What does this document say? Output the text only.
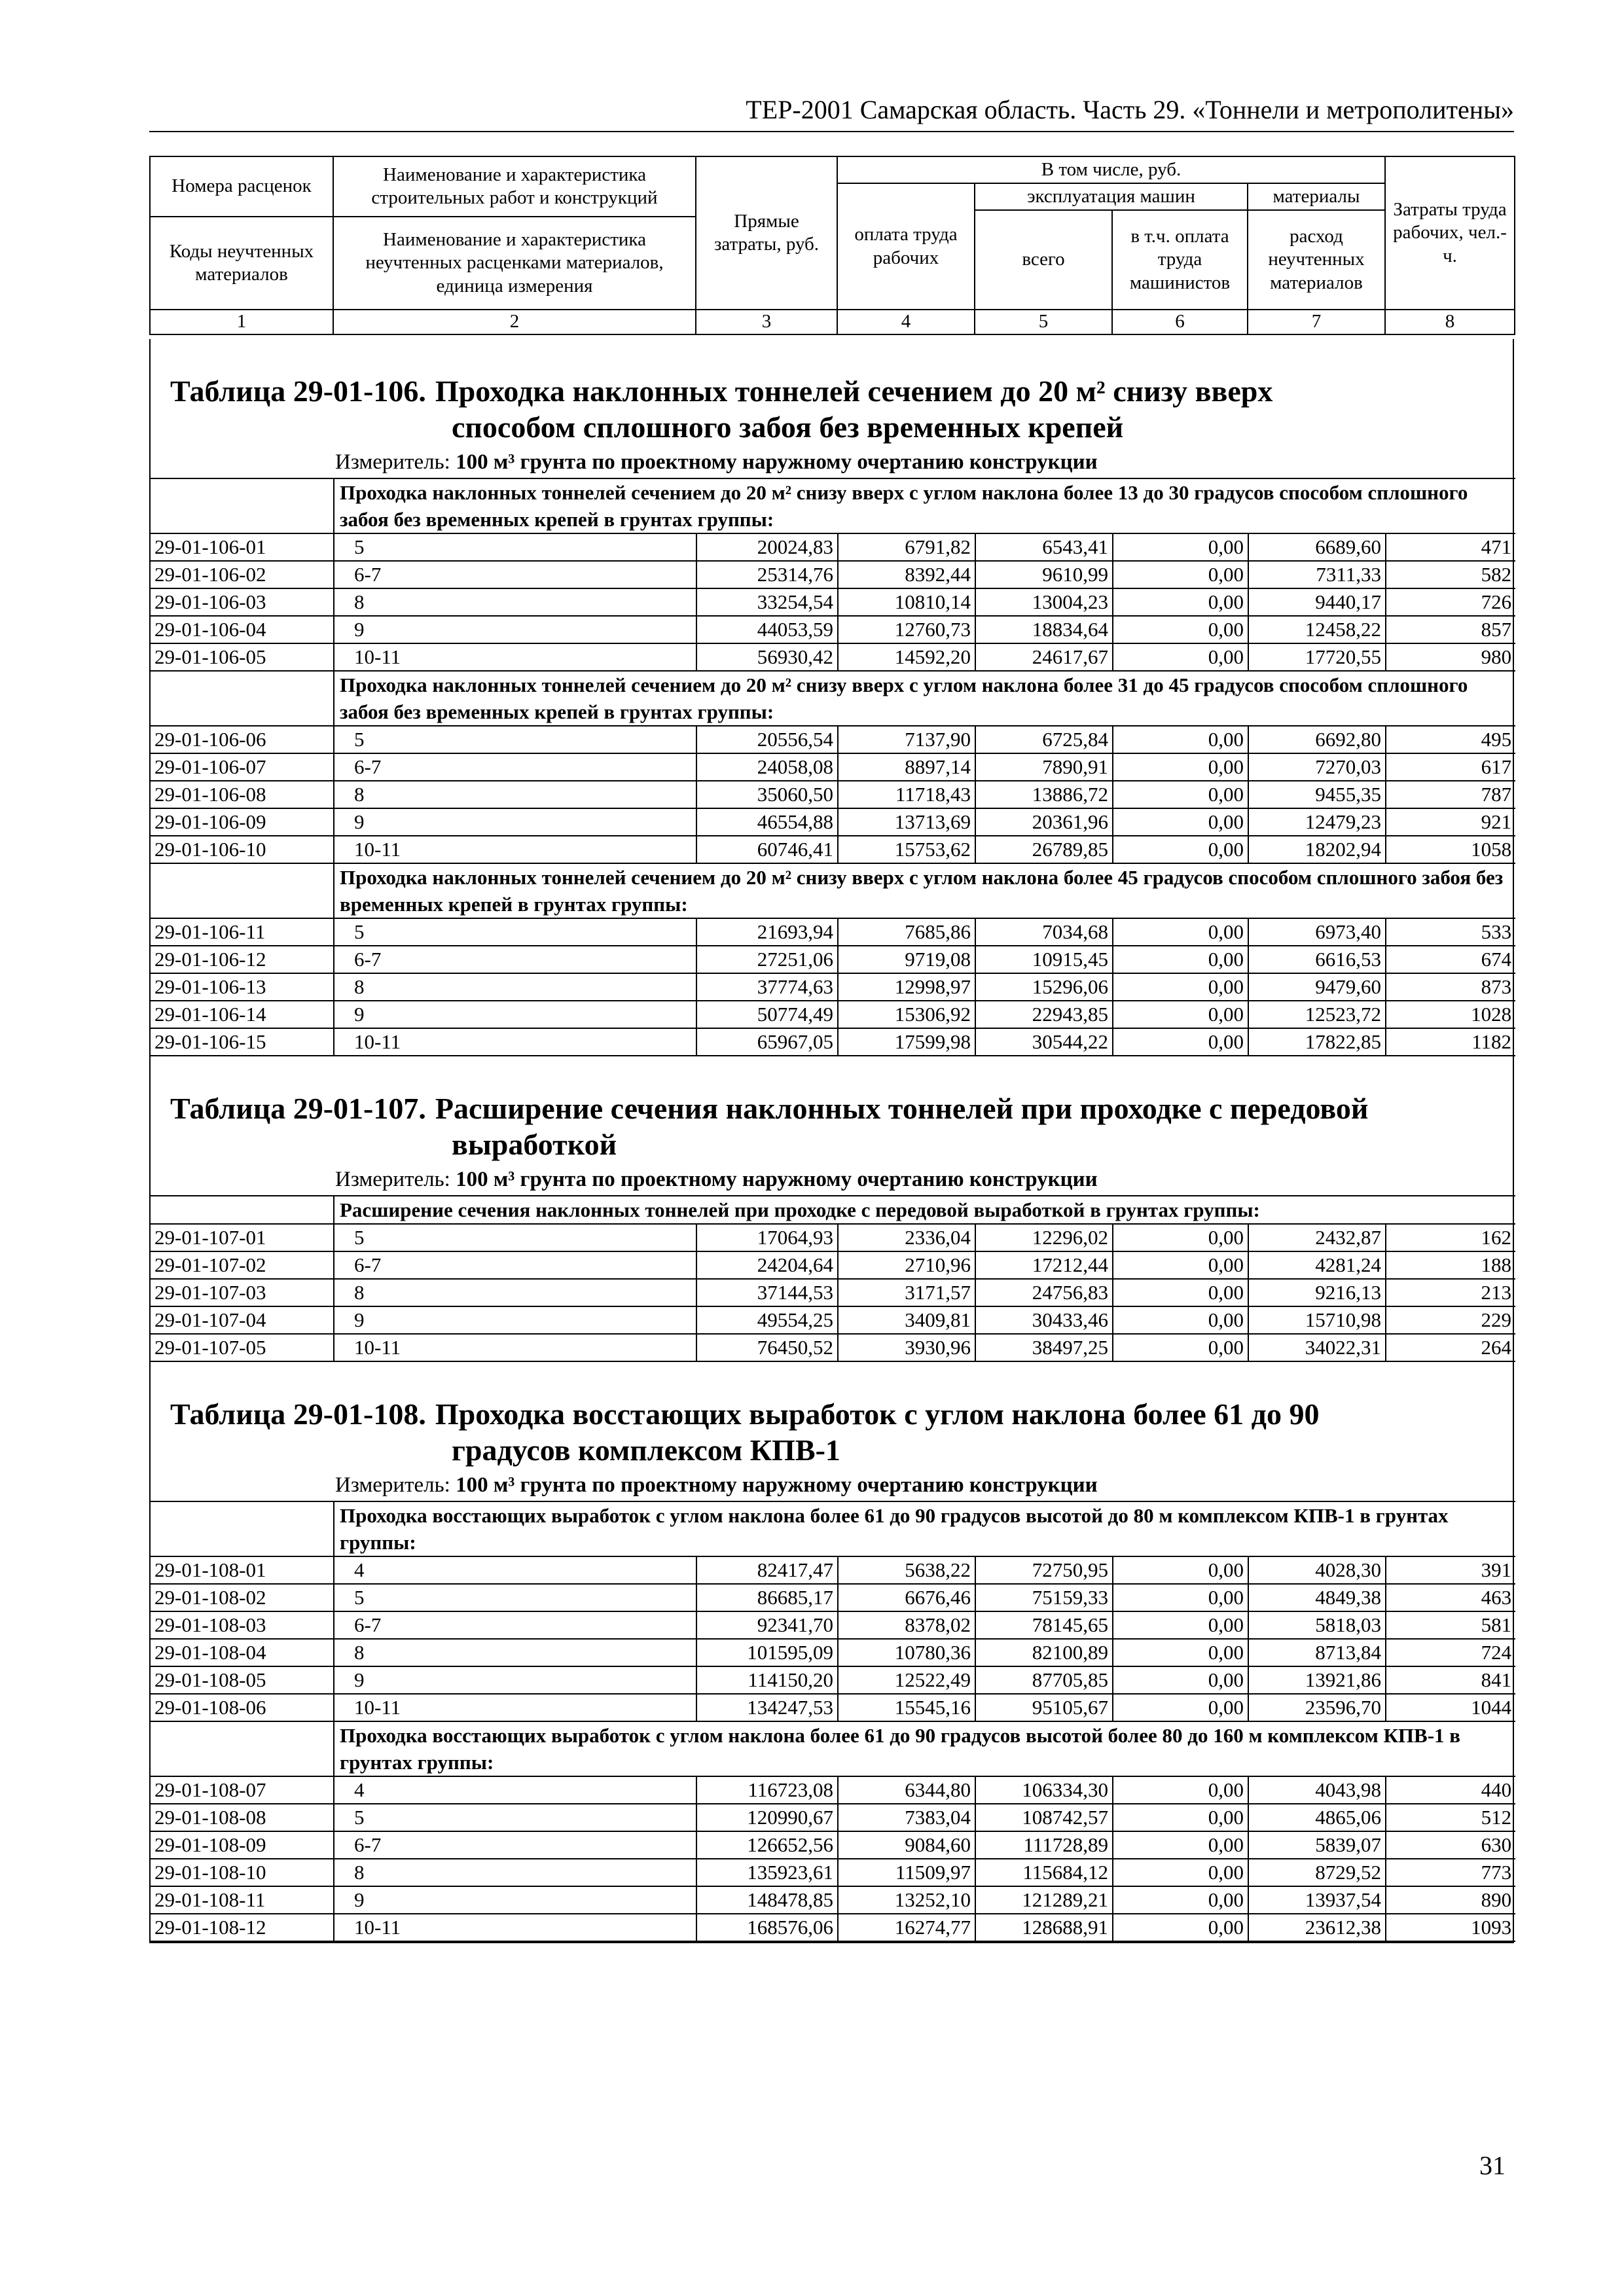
ТЕР-2001 Самарская область. Часть 29. «Тоннели и метрополитены»
Номера расценок	Наименование и характеристика строительных работ и конструкций	Прямые затраты, руб.	В том числе, руб.				Затраты труда рабочих, чел.-ч.
			оплата труда рабочих	эксплуатация машин		материалы	
				всего	в т.ч. оплата труда машинистов	расход неучтенных материалов	
Коды неучтенных материалов	Наименование и характеристика неучтенных расценками материалов, единица измерения						

1	2	3	4	5	6	7	8
Таблица 29-01-106. Проходка наклонных тоннелей сечением до 20 м² снизу вверх
способом сплошного забоя без временных крепей
Измеритель: 100 м³ грунта по проектному наружному очертанию конструкции
	Проходка наклонных тоннелей сечением до 20 м² снизу вверх с углом наклона более 13 до 30 градусов способом сплошного забоя без временных крепей в грунтах группы:						
29-01-106-01	5	20024,83	6791,82	6543,41	0,00	6689,60	471
29-01-106-02	6-7	25314,76	8392,44	9610,99	0,00	7311,33	582
29-01-106-03	8	33254,54	10810,14	13004,23	0,00	9440,17	726
29-01-106-04	9	44053,59	12760,73	18834,64	0,00	12458,22	857
29-01-106-05	10-11	56930,42	14592,20	24617,67	0,00	17720,55	980
	Проходка наклонных тоннелей сечением до 20 м² снизу вверх с углом наклона более 31 до 45 градусов способом сплошного забоя без временных крепей в грунтах группы:						
29-01-106-06	5	20556,54	7137,90	6725,84	0,00	6692,80	495
29-01-106-07	6-7	24058,08	8897,14	7890,91	0,00	7270,03	617
29-01-106-08	8	35060,50	11718,43	13886,72	0,00	9455,35	787
29-01-106-09	9	46554,88	13713,69	20361,96	0,00	12479,23	921
29-01-106-10	10-11	60746,41	15753,62	26789,85	0,00	18202,94	1058
	Проходка наклонных тоннелей сечением до 20 м² снизу вверх с углом наклона более 45 градусов способом сплошного забоя без временных крепей в грунтах группы:						
29-01-106-11	5	21693,94	7685,86	7034,68	0,00	6973,40	533
29-01-106-12	6-7	27251,06	9719,08	10915,45	0,00	6616,53	674
29-01-106-13	8	37774,63	12998,97	15296,06	0,00	9479,60	873
29-01-106-14	9	50774,49	15306,92	22943,85	0,00	12523,72	1028
29-01-106-15	10-11	65967,05	17599,98	30544,22	0,00	17822,85	1182
Таблица 29-01-107. Расширение сечения наклонных тоннелей при проходке с передовой
выработкой
Измеритель: 100 м³ грунта по проектному наружному очертанию конструкции
	Расширение сечения наклонных тоннелей при проходке с передовой выработкой в грунтах группы:						
29-01-107-01	5	17064,93	2336,04	12296,02	0,00	2432,87	162
29-01-107-02	6-7	24204,64	2710,96	17212,44	0,00	4281,24	188
29-01-107-03	8	37144,53	3171,57	24756,83	0,00	9216,13	213
29-01-107-04	9	49554,25	3409,81	30433,46	0,00	15710,98	229
29-01-107-05	10-11	76450,52	3930,96	38497,25	0,00	34022,31	264
Таблица 29-01-108. Проходка восстающих выработок с углом наклона более 61 до 90
градусов комплексом КПВ-1
Измеритель: 100 м³ грунта по проектному наружному очертанию конструкции
	Проходка восстающих выработок с углом наклона более 61 до 90 градусов высотой до 80 м комплексом КПВ-1 в грунтах группы:						
29-01-108-01	4	82417,47	5638,22	72750,95	0,00	4028,30	391
29-01-108-02	5	86685,17	6676,46	75159,33	0,00	4849,38	463
29-01-108-03	6-7	92341,70	8378,02	78145,65	0,00	5818,03	581
29-01-108-04	8	101595,09	10780,36	82100,89	0,00	8713,84	724
29-01-108-05	9	114150,20	12522,49	87705,85	0,00	13921,86	841
29-01-108-06	10-11	134247,53	15545,16	95105,67	0,00	23596,70	1044
	Проходка восстающих выработок с углом наклона более 61 до 90 градусов высотой более 80 до 160 м комплексом КПВ-1 в грунтах группы:						
29-01-108-07	4	116723,08	6344,80	106334,30	0,00	4043,98	440
29-01-108-08	5	120990,67	7383,04	108742,57	0,00	4865,06	512
29-01-108-09	6-7	126652,56	9084,60	111728,89	0,00	5839,07	630
29-01-108-10	8	135923,61	11509,97	115684,12	0,00	8729,52	773
29-01-108-11	9	148478,85	13252,10	121289,21	0,00	13937,54	890
29-01-108-12	10-11	168576,06	16274,77	128688,91	0,00	23612,38	1093
31
